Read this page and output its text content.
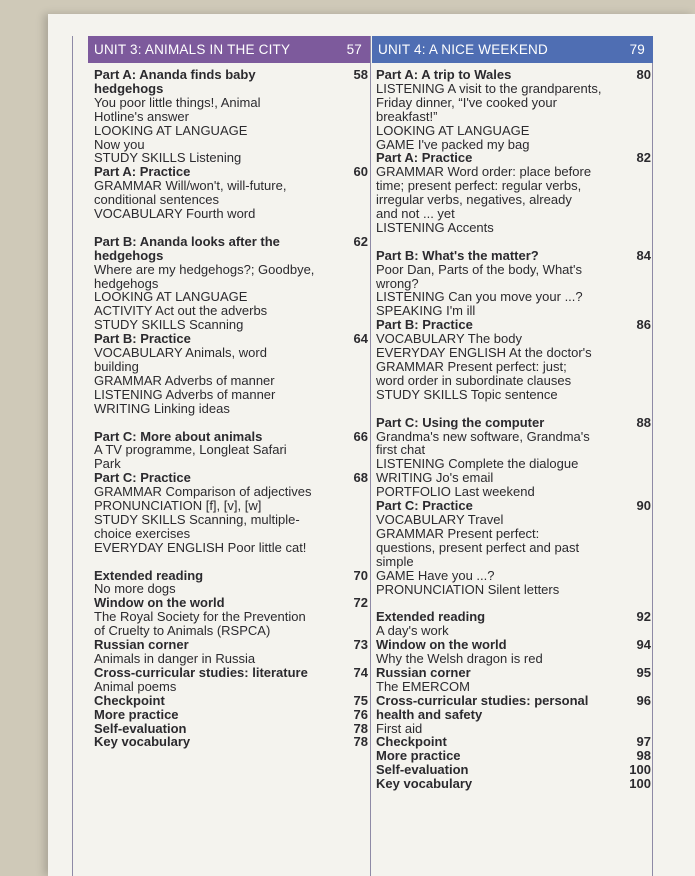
UNIT 3: ANIMALS IN THE CITY	57
Part A: Ananda finds baby	58
hedgehogs
You poor little things!, Animal
Hotline's answer
LOOKING AT LANGUAGE
Now you
STUDY SKILLS Listening
Part A: Practice	60
GRAMMAR Will/won't, will-future,
conditional sentences
VOCABULARY Fourth word
Part B: Ananda looks after the	62
hedgehogs
Where are my hedgehogs?; Goodbye,
hedgehogs
LOOKING AT LANGUAGE
ACTIVITY Act out the adverbs
STUDY SKILLS Scanning
Part B: Practice	64
VOCABULARY Animals, word
building
GRAMMAR Adverbs of manner
LISTENING Adverbs of manner
WRITING Linking ideas
Part C: More about animals	66
A TV programme, Longleat Safari
Park
Part C: Practice	68
GRAMMAR Comparison of adjectives
PRONUNCIATION [f], [v], [w]
STUDY SKILLS Scanning, multiple-
choice exercises
EVERYDAY ENGLISH Poor little cat!
Extended reading	70
No more dogs
Window on the world	72
The Royal Society for the Prevention
of Cruelty to Animals (RSPCA)
Russian corner	73
Animals in danger in Russia
Cross-curricular studies: literature	74
Animal poems
Checkpoint	75
More practice	76
Self-evaluation	78
Key vocabulary	78
UNIT 4: A NICE WEEKEND	79
Part A: A trip to Wales	80
LISTENING A visit to the grandparents,
Friday dinner, “I've cooked your
breakfast!”
LOOKING AT LANGUAGE
GAME I've packed my bag
Part A: Practice	82
GRAMMAR Word order: place before
time; present perfect: regular verbs,
irregular verbs, negatives, already
and not ... yet
LISTENING Accents
Part B: What's the matter?	84
Poor Dan, Parts of the body, What's
wrong?
LISTENING Can you move your ...?
SPEAKING I'm ill
Part B: Practice	86
VOCABULARY The body
EVERYDAY ENGLISH At the doctor's
GRAMMAR Present perfect: just;
word order in subordinate clauses
STUDY SKILLS Topic sentence
Part C: Using the computer	88
Grandma's new software, Grandma's
first chat
LISTENING Complete the dialogue
WRITING Jo's email
PORTFOLIO Last weekend
Part C: Practice	90
VOCABULARY Travel
GRAMMAR Present perfect:
questions, present perfect and past
simple
GAME Have you ...?
PRONUNCIATION Silent letters
Extended reading	92
A day's work
Window on the world	94
Why the Welsh dragon is red
Russian corner	95
The EMERCOM
Cross-curricular studies: personal	96
health and safety
First aid
Checkpoint	97
More practice	98
Self-evaluation	100
Key vocabulary	100
